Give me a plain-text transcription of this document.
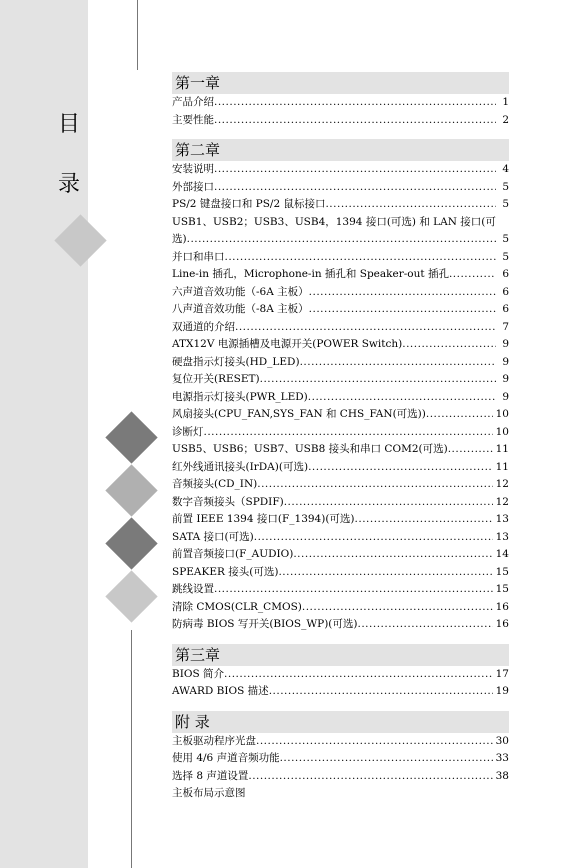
目
录
第一章
产品介绍 .....	1
主要性能 .....	2
第二章
安装说明 .....	4
外部接口 .....	5
PS/2 键盘接口和 PS/2 鼠标接口 .....	5
USB1、USB2；USB3、USB4，1394 接口(可选) 和 LAN 接口(可
选) .....	5
并口和串口 .....	5
Line-in 插孔，Microphone-in 插孔和 Speaker-out 插孔 .....	6
六声道音效功能（-6A 主板） .....	6
八声道音效功能（-8A 主板） .....	6
双通道的介绍 .....	7
ATX12V 电源插槽及电源开关(POWER Switch) .....	9
硬盘指示灯接头(HD_LED) .....	9
复位开关(RESET) .....	9
电源指示灯接头(PWR_LED) .....	9
风扇接头(CPU_FAN,SYS_FAN 和 CHS_FAN(可选)) .....	10
诊断灯 .....	10
USB5、USB6；USB7、USB8 接头和串口 COM2(可选) .....	11
红外线通讯接头(IrDA)(可选) .....	11
音频接头(CD_IN) .....	12
数字音频接头（SPDIF) .....	12
前置 IEEE 1394 接口(F_1394)(可选) .....	13
SATA 接口(可选) .....	13
前置音频接口(F_AUDIO) .....	14
SPEAKER 接头(可选) .....	15
跳线设置 .....	15
清除 CMOS(CLR_CMOS) .....	16
防病毒 BIOS 写开关(BIOS_WP)(可选) .....	16
第三章
BIOS 简介 .....	17
AWARD BIOS 描述 .....	19
附 录
主板驱动程序光盘 .....	30
使用 4/6 声道音频功能 .....	33
选择 8 声道设置 .....	38
主板布局示意图
